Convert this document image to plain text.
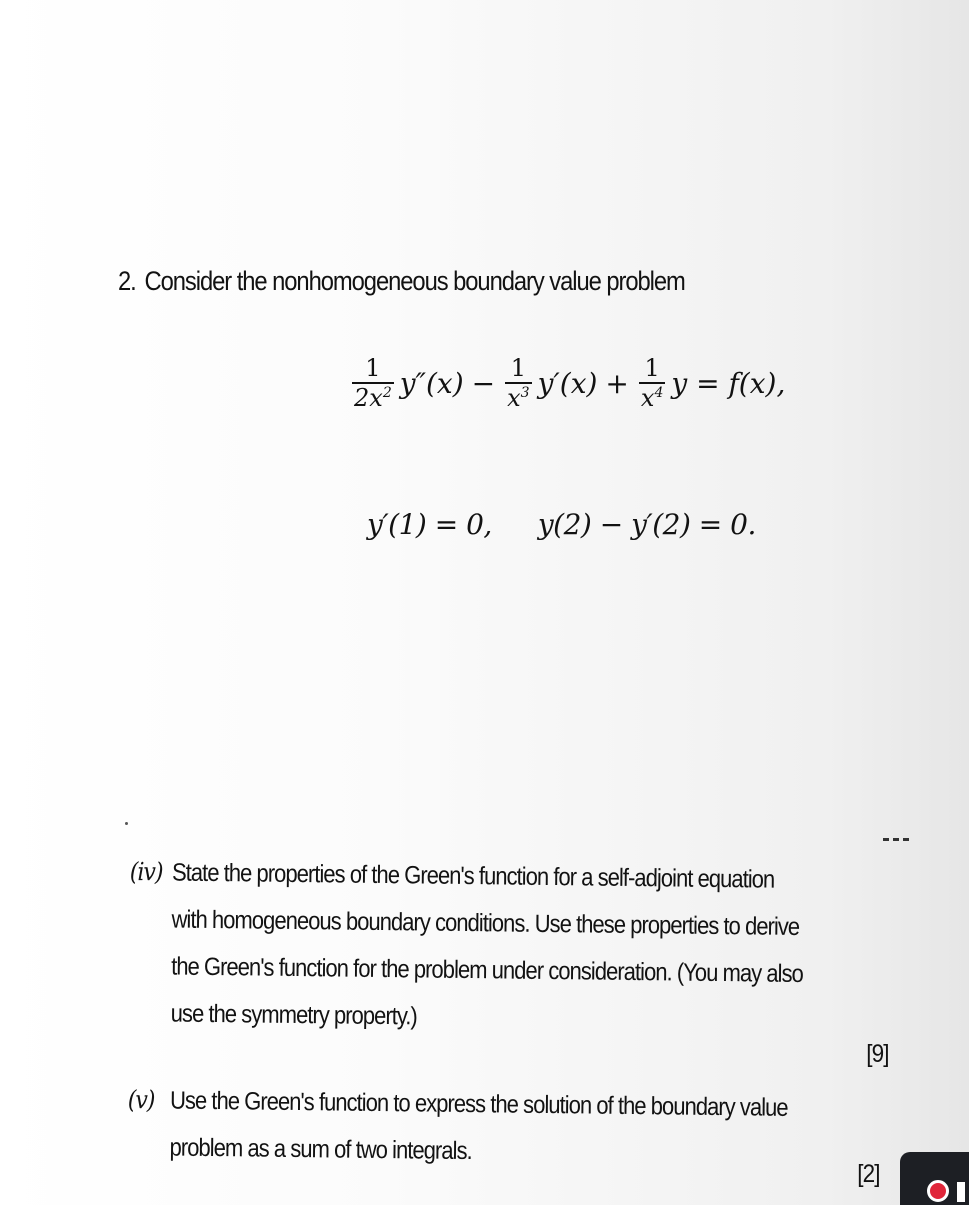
2. Consider the nonhomogeneous boundary value problem
$\frac{1}{2x^2} y''(x) - \frac{1}{x^3} y'(x) + \frac{1}{x^4}$ y = f(x),
y′(1) = 0, y(2) − y′(2) = 0.
(iv) State the properties of the Green's function for a self-adjoint equation
with homogeneous boundary conditions. Use these properties to derive
the Green's function for the problem under consideration. (You may also
use the symmetry property.)
[9]
(v) Use the Green's function to express the solution of the boundary value
problem as a sum of two integrals.
[2]
